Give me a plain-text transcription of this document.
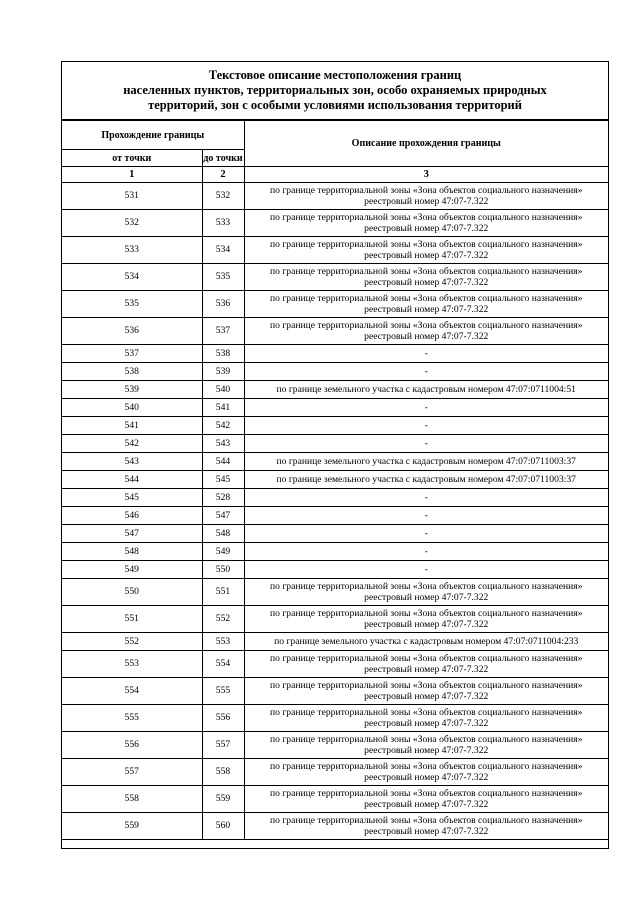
Текстовое описание местоположения границ
населенных пунктов, территориальных зон, особо охраняемых природных
территорий, зон с особыми условиями использования территорий
Прохождение границы		Описание прохождения границы
от точки	до точки	
1	2	3
531	532	по границе территориальной зоны «Зона объектов социального назначения» реестровый номер 47:07-7.322
532	533	по границе территориальной зоны «Зона объектов социального назначения» реестровый номер 47:07-7.322
533	534	по границе территориальной зоны «Зона объектов социального назначения» реестровый номер 47:07-7.322
534	535	по границе территориальной зоны «Зона объектов социального назначения» реестровый номер 47:07-7.322
535	536	по границе территориальной зоны «Зона объектов социального назначения» реестровый номер 47:07-7.322
536	537	по границе территориальной зоны «Зона объектов социального назначения» реестровый номер 47:07-7.322
537	538	-
538	539	-
539	540	по границе земельного участка с кадастровым номером 47:07:0711004:51
540	541	-
541	542	-
542	543	-
543	544	по границе земельного участка с кадастровым номером 47:07:0711003:37
544	545	по границе земельного участка с кадастровым номером 47:07:0711003:37
545	528	-
546	547	-
547	548	-
548	549	-
549	550	-
550	551	по границе территориальной зоны «Зона объектов социального назначения» реестровый номер 47:07-7.322
551	552	по границе территориальной зоны «Зона объектов социального назначения» реестровый номер 47:07-7.322
552	553	по границе земельного участка с кадастровым номером 47:07:0711004:233
553	554	по границе территориальной зоны «Зона объектов социального назначения» реестровый номер 47:07-7.322
554	555	по границе территориальной зоны «Зона объектов социального назначения» реестровый номер 47:07-7.322
555	556	по границе территориальной зоны «Зона объектов социального назначения» реестровый номер 47:07-7.322
556	557	по границе территориальной зоны «Зона объектов социального назначения» реестровый номер 47:07-7.322
557	558	по границе территориальной зоны «Зона объектов социального назначения» реестровый номер 47:07-7.322
558	559	по границе территориальной зоны «Зона объектов социального назначения» реестровый номер 47:07-7.322
559	560	по границе территориальной зоны «Зона объектов социального назначения» реестровый номер 47:07-7.322
